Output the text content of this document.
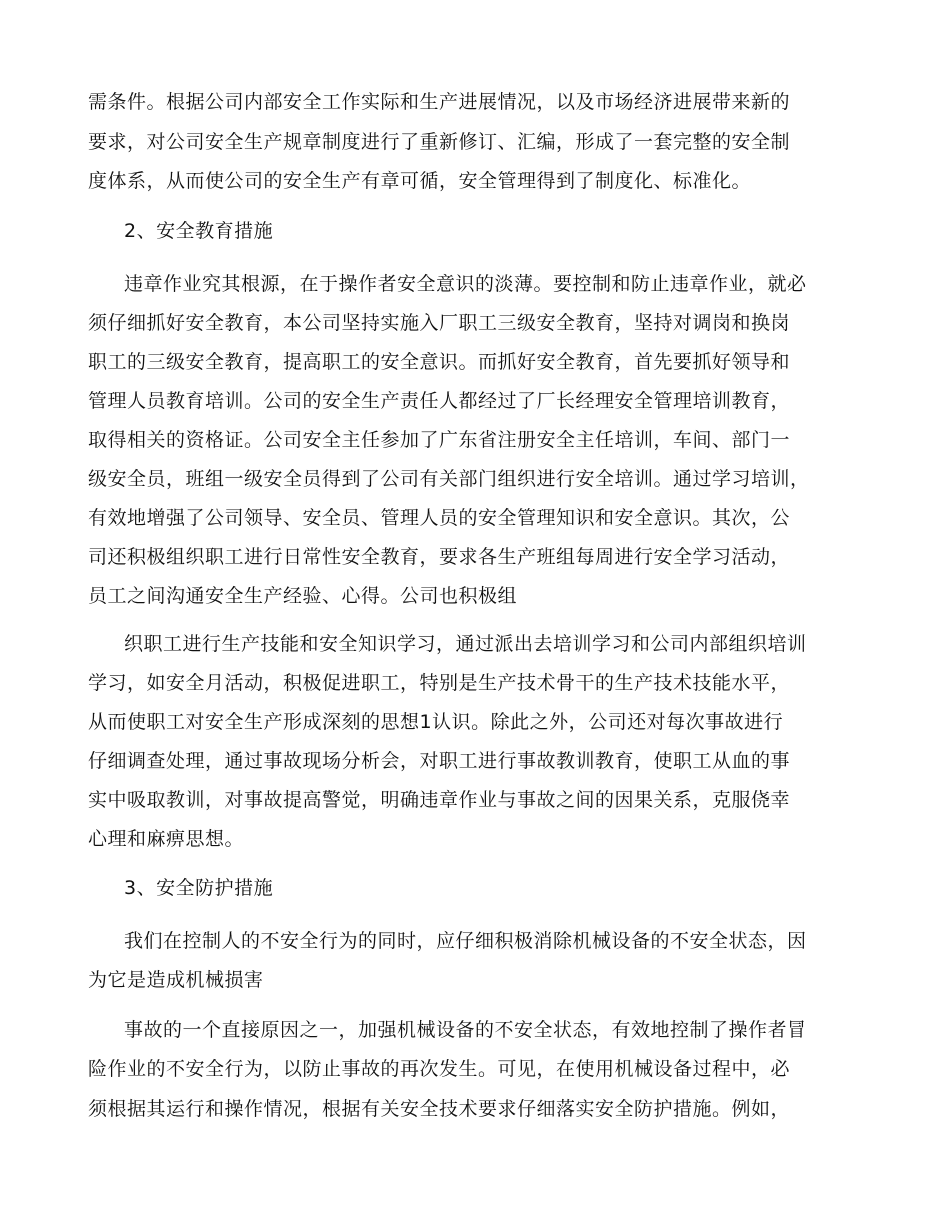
需条件。根据公司内部安全工作实际和生产进展情况，以及市场经济进展带来新的
要求，对公司安全生产规章制度进行了重新修订、汇编，形成了一套完整的安全制
度体系，从而使公司的安全生产有章可循，安全管理得到了制度化、标准化。
2、安全教育措施
违章作业究其根源，在于操作者安全意识的淡薄。要控制和防止违章作业，就必
须仔细抓好安全教育，本公司坚持实施入厂职工三级安全教育，坚持对调岗和换岗
职工的三级安全教育，提高职工的安全意识。而抓好安全教育，首先要抓好领导和
管理人员教育培训。公司的安全生产责任人都经过了厂长经理安全管理培训教育，
取得相关的资格证。公司安全主任参加了广东省注册安全主任培训，车间、部门一
级安全员，班组一级安全员得到了公司有关部门组织进行安全培训。通过学习培训，
有效地增强了公司领导、安全员、管理人员的安全管理知识和安全意识。其次，公
司还积极组织职工进行日常性安全教育，要求各生产班组每周进行安全学习活动，
员工之间沟通安全生产经验、心得。公司也积极组
织职工进行生产技能和安全知识学习，通过派出去培训学习和公司内部组织培训
学习，如安全月活动，积极促进职工，特别是生产技术骨干的生产技术技能水平，
从而使职工对安全生产形成深刻的思想1认识。除此之外，公司还对每次事故进行
仔细调查处理，通过事故现场分析会，对职工进行事故教训教育，使职工从血的事
实中吸取教训，对事故提高警觉，明确违章作业与事故之间的因果关系，克服侥幸
心理和麻痹思想。
3、安全防护措施
我们在控制人的不安全行为的同时，应仔细积极消除机械设备的不安全状态，因
为它是造成机械损害
事故的一个直接原因之一，加强机械设备的不安全状态，有效地控制了操作者冒
险作业的不安全行为，以防止事故的再次发生。可见，在使用机械设备过程中，必
须根据其运行和操作情况，根据有关安全技术要求仔细落实安全防护措施。例如，
